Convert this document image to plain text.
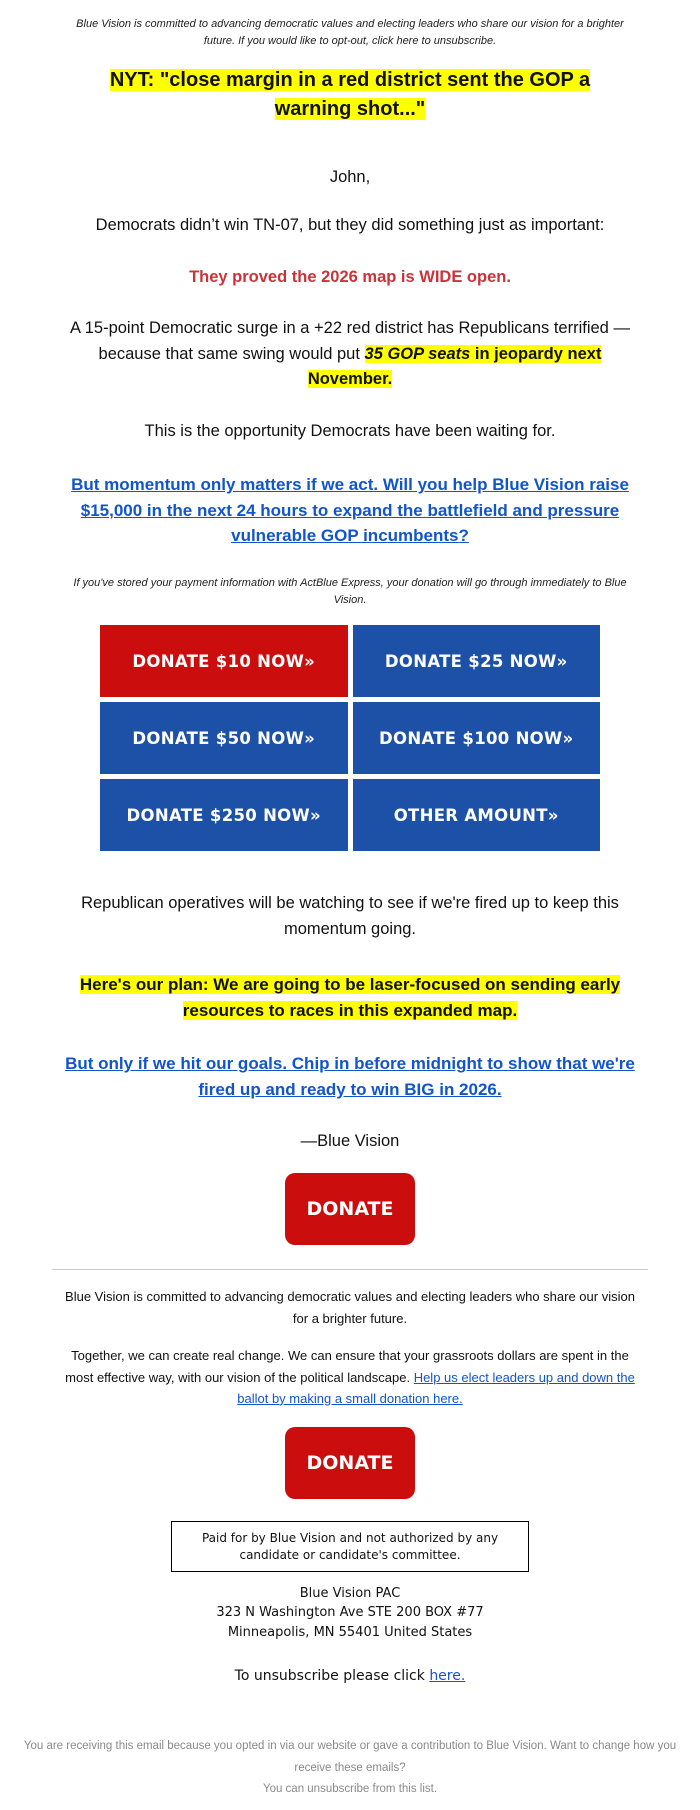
Blue Vision is committed to advancing democratic values and electing leaders who share our vision for a brighter future. If you would like to opt-out, click here to unsubscribe.
NYT: "close margin in a red district sent the GOP a warning shot..."
John,

Democrats didn’t win TN-07, but they did something just as important:

They proved the 2026 map is WIDE open.

A 15-point Democratic surge in a +22 red district has Republicans terrified — because that same swing would put 35 GOP seats in jeopardy next November.

This is the opportunity Democrats have been waiting for.

But momentum only matters if we act. Will you help Blue Vision raise $15,000 in the next 24 hours to expand the battlefield and pressure vulnerable GOP incumbents?
If you've stored your payment information with ActBlue Express, your donation will go through immediately to Blue Vision.
DONATE $10 NOW»	DONATE $25 NOW»
DONATE $50 NOW»	DONATE $100 NOW»
DONATE $250 NOW»	OTHER AMOUNT»

Republican operatives will be watching to see if we're fired up to keep this momentum going.

Here's our plan: We are going to be laser-focused on sending early resources to races in this expanded map.
But only if we hit our goals. Chip in before midnight to show that we're fired up and ready to win BIG in 2026.
—Blue Vision
DONATE
Blue Vision is committed to advancing democratic values and electing leaders who share our vision for a brighter future.
Together, we can create real change. We can ensure that your grassroots dollars are spent in the most effective way, with our vision of the political landscape. Help us elect leaders up and down the ballot by making a small donation here.
DONATE
Paid for by Blue Vision and not authorized by any candidate or candidate's committee.
Blue Vision PAC
323 N Washington Ave STE 200 BOX #77
Minneapolis, MN 55401 United States
To unsubscribe please click here.
You are receiving this email because you opted in via our website or gave a contribution to Blue Vision. Want to change how you receive these emails?
You can unsubscribe from this list.
